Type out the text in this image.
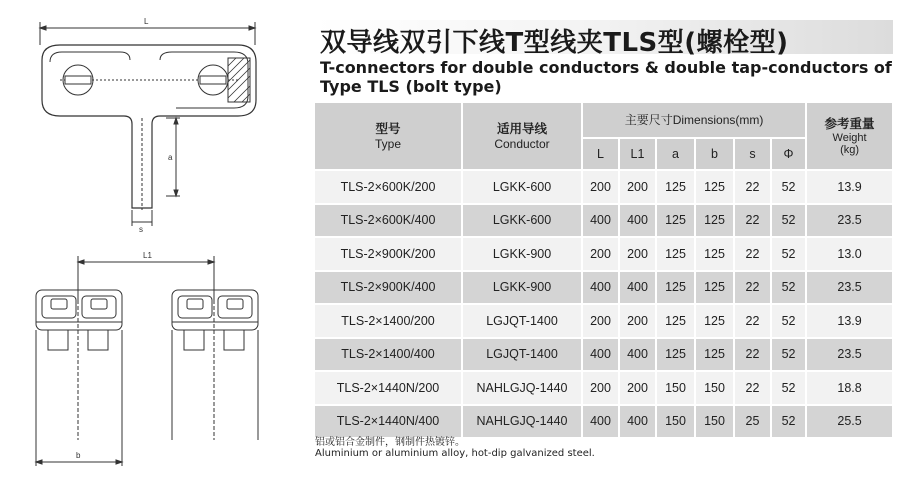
L
a
s
L1
b
双导线双引下线T型线夹TLS型(螺栓型)
T-connectors for double conductors & double tap-conductors of Type TLS (bolt type)
型号
Type	适用导线
Conductor	主要尺寸Dimensions(mm)						参考重量
Weight
(kg)

		L	L1	a	b	s	Φ	
TLS-2×600K/200	LGKK-600	200	200	125	125	22	52	13.9
TLS-2×600K/400	LGKK-600	400	400	125	125	22	52	23.5
TLS-2×900K/200	LGKK-900	200	200	125	125	22	52	13.0
TLS-2×900K/400	LGKK-900	400	400	125	125	22	52	23.5
TLS-2×1400/200	LGJQT-1400	200	200	125	125	22	52	13.9
TLS-2×1400/400	LGJQT-1400	400	400	125	125	22	52	23.5
TLS-2×1440N/200	NAHLGJQ-1440	200	200	150	150	22	52	18.8
TLS-2×1440N/400	NAHLGJQ-1440	400	400	150	150	25	52	25.5
铝或铝合金制件，钢制件热镀锌。
Aluminium or aluminium alloy, hot-dip galvanized steel.
